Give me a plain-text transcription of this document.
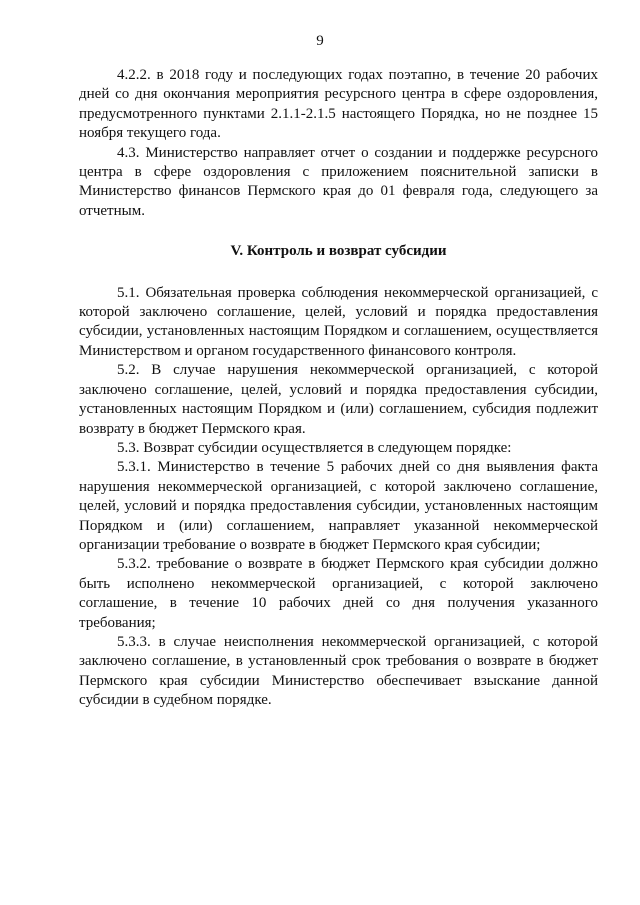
9

4.2.2. в 2018 году и последующих годах поэтапно, в течение 20 рабочих дней со дня окончания мероприятия ресурсного центра в сфере оздоровления, предусмотренного пунктами 2.1.1-2.1.5 настоящего Порядка, но не позднее 15 ноября текущего года.

4.3. Министерство направляет отчет о создании и поддержке ресурсного центра в сфере оздоровления с приложением пояснительной записки в Министерство финансов Пермского края до 01 февраля года, следующего за отчетным.

V. Контроль и возврат субсидии

5.1. Обязательная проверка соблюдения некоммерческой организацией, с которой заключено соглашение, целей, условий и порядка предоставления субсидии, установленных настоящим Порядком и соглашением, осуществляется Министерством и органом государственного финансового контроля.

5.2. В случае нарушения некоммерческой организацией, с которой заключено соглашение, целей, условий и порядка предоставления субсидии, установленных настоящим Порядком и (или) соглашением, субсидия подлежит возврату в бюджет Пермского края.

5.3. Возврат субсидии осуществляется в следующем порядке:

5.3.1. Министерство в течение 5 рабочих дней со дня выявления факта нарушения некоммерческой организацией, с которой заключено соглашение, целей, условий и порядка предоставления субсидии, установленных настоящим Порядком и (или) соглашением, направляет указанной некоммерческой организации требование о возврате в бюджет Пермского края субсидии;

5.3.2. требование о возврате в бюджет Пермского края субсидии должно быть исполнено некоммерческой организацией, с которой заключено соглашение, в течение 10 рабочих дней со дня получения указанного требования;

5.3.3. в случае неисполнения некоммерческой организацией, с которой заключено соглашение, в установленный срок требования о возврате в бюджет Пермского края субсидии Министерство обеспечивает взыскание данной субсидии в судебном порядке.
